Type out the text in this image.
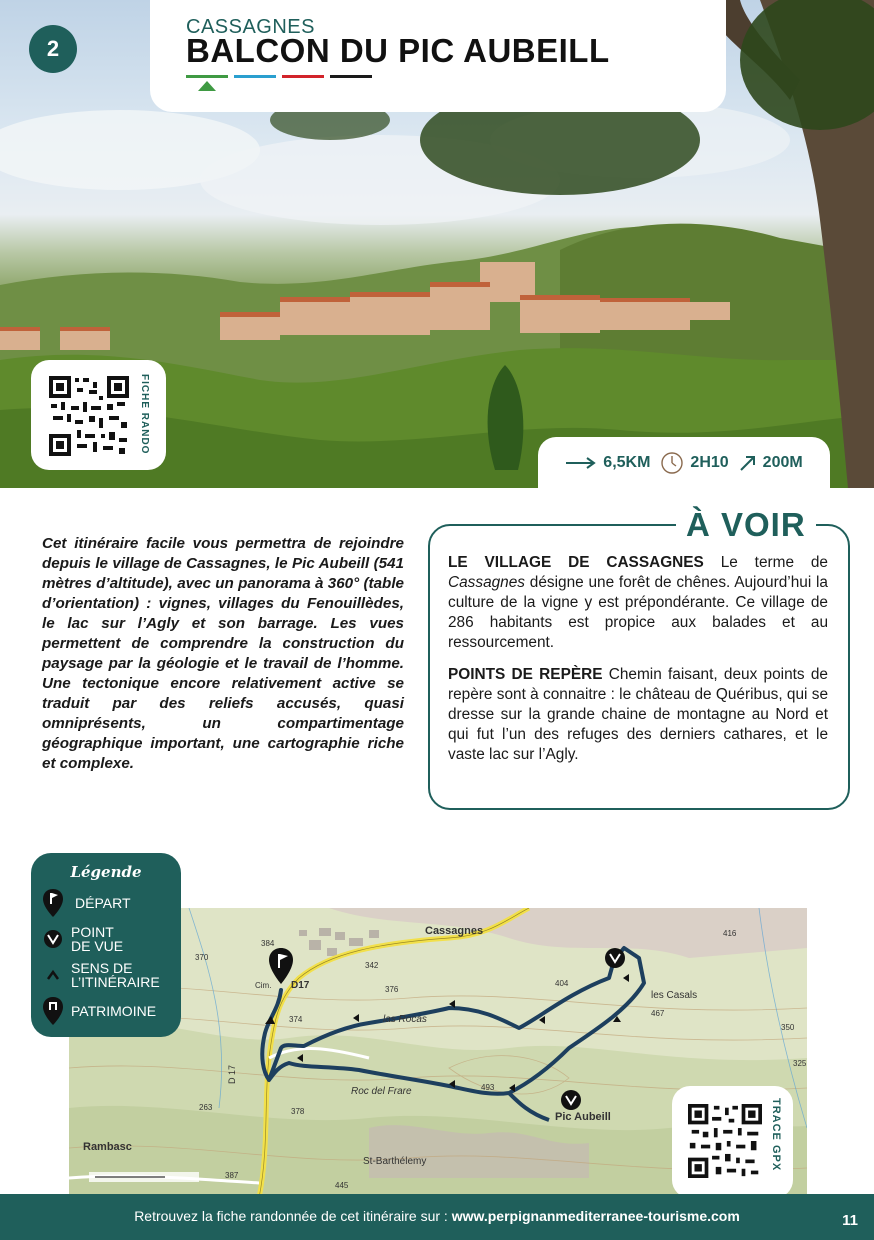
2
CASSAGNES
BALCON DU PIC AUBEILL
FICHE RANDO
6,5KM	2H10 200M
Cet itinéraire facile vous permettra de rejoindre depuis le village de Cassagnes, le Pic Aubeill (541 mètres d’altitude), avec un panorama à 360° (table d’orientation) : vignes, villages du Fenouillèdes, le lac sur l’Agly et son barrage. Les vues permettent de comprendre la construction du paysage par la géologie et le travail de l’homme. Une tectonique encore relativement active se traduit par des reliefs accusés, quasi omniprésents, un compartimentage géographique important, une cartographie riche et complexe.
À VOIR

LE VILLAGE DE CASSAGNES Le terme de Cassagnes désigne une forêt de chênes. Aujourd’hui la culture de la vigne y est prépondérante. Ce village de 286 habitants est propice aux balades et au ressourcement.

POINTS DE REPÈRE Chemin faisant, deux points de repère sont à connaitre : le château de Quéribus, qui se dresse sur la grande chaine de montagne au Nord et qui fut l’un des refuges des derniers cathares, et le vaste lac sur l’Agly.

Cassagnes
las Rocas
Roc del Frare
Pic Aubeill
les Casals
Rambasc
St-Barthélemy
D17
D 17
384
370
342
376
374
404
416
467
350
325
263	378
493
387
445
Cim.
Légende
DÉPART
POINT
DE VUE
SENS DE
L’ITINÉRAIRE
PATRIMOINE
TRACE GPX
Retrouvez la fiche randonnée de cet itinéraire sur : www.perpignanmediterranee-tourisme.com	11
